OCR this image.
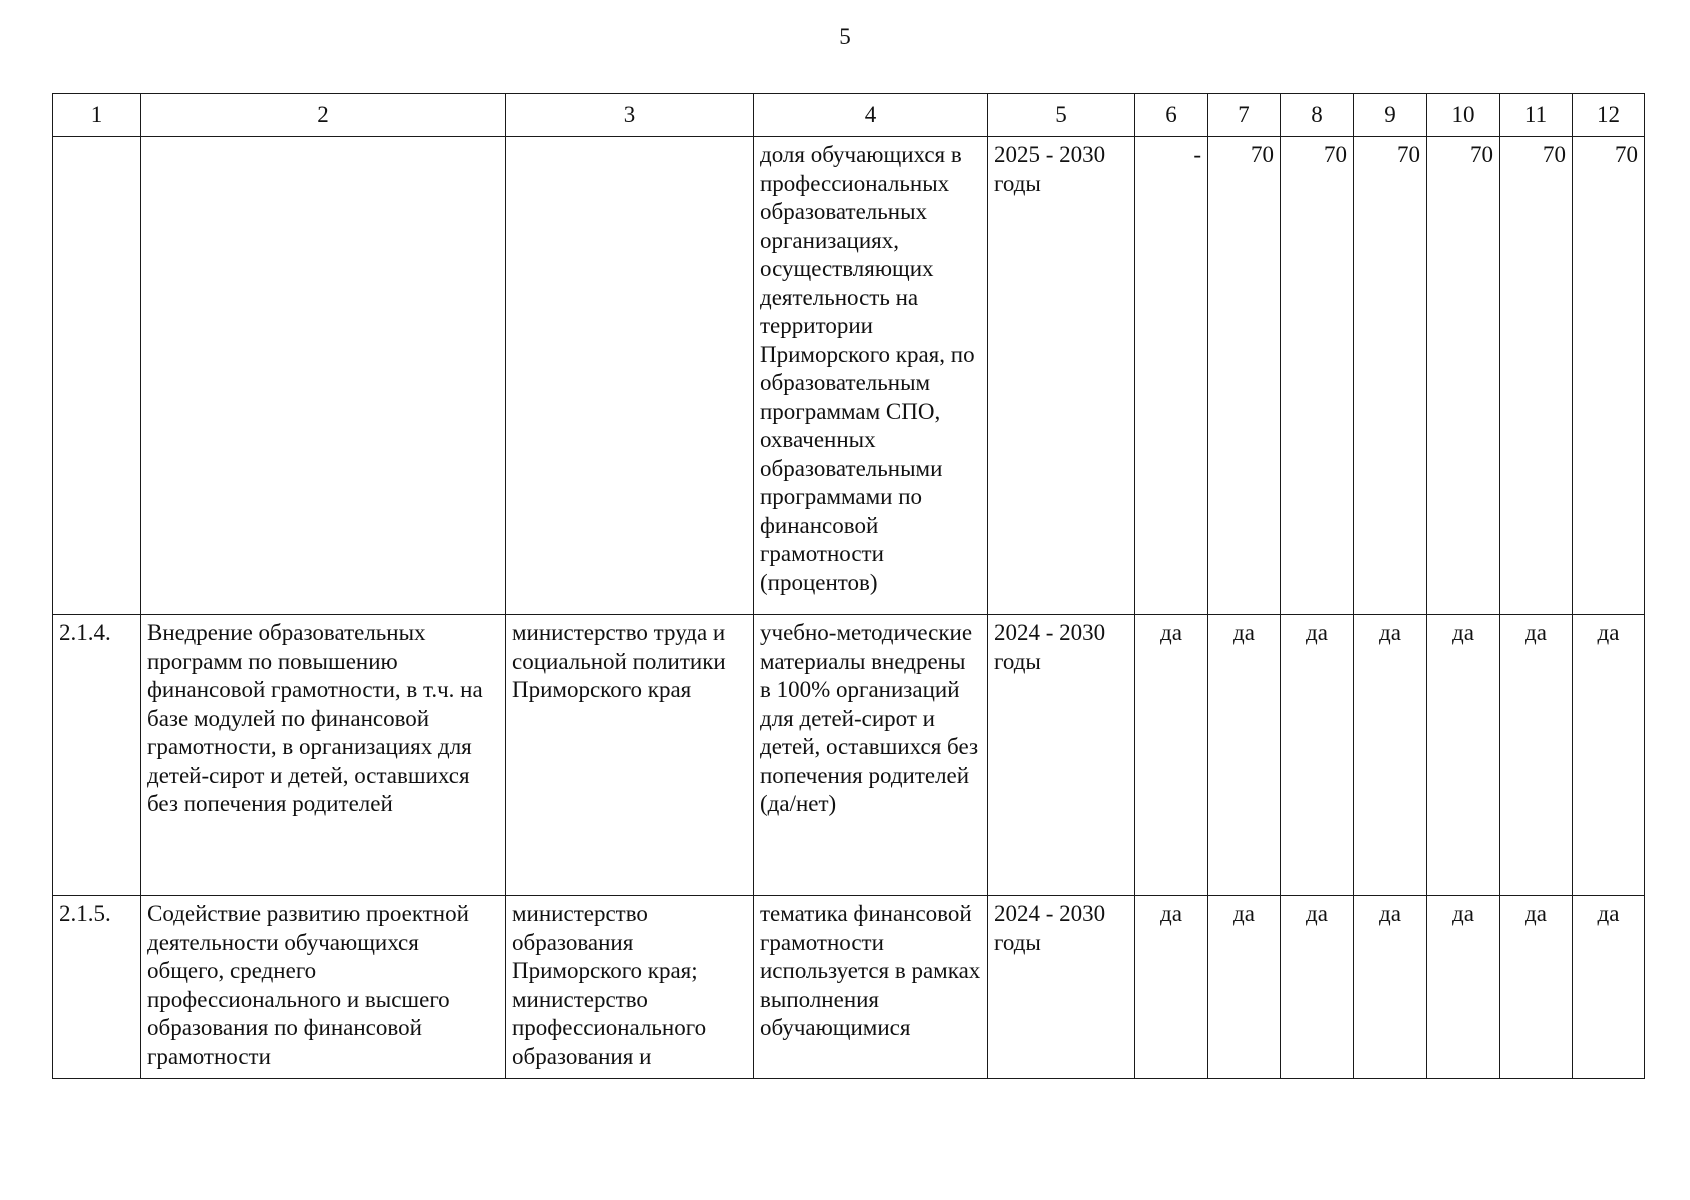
5
1	2	3	4	5	6	7	8	9	10	11	12
			доля обучающихся в профессиональных образовательных организациях, осуществляющих деятельность на территории Приморского края, по образовательным программам СПО, охваченных образовательными программами по финансовой грамотности (процентов)	2025 - 2030 годы	-	70	70	70	70	70	70
2.1.4.	Внедрение образовательных программ по повышению финансовой грамотности, в т.ч. на базе модулей по финансовой грамотности, в организациях для детей-сирот и детей, оставшихся без попечения родителей	министерство труда и социальной политики Приморского края	учебно-методические материалы внедрены в 100% организаций для детей-сирот и детей, оставшихся без попечения родителей (да/нет)	2024 - 2030 годы	да	да	да	да	да	да	да
2.1.5.	Содействие развитию проектной деятельности обучающихся общего, среднего профессионального и высшего образования по финансовой грамотности	министерство образования Приморского края; министерство профессионального образования и	тематика финансовой грамотности используется в рамках выполнения обучающимися	2024 - 2030 годы	да	да	да	да	да	да	да
